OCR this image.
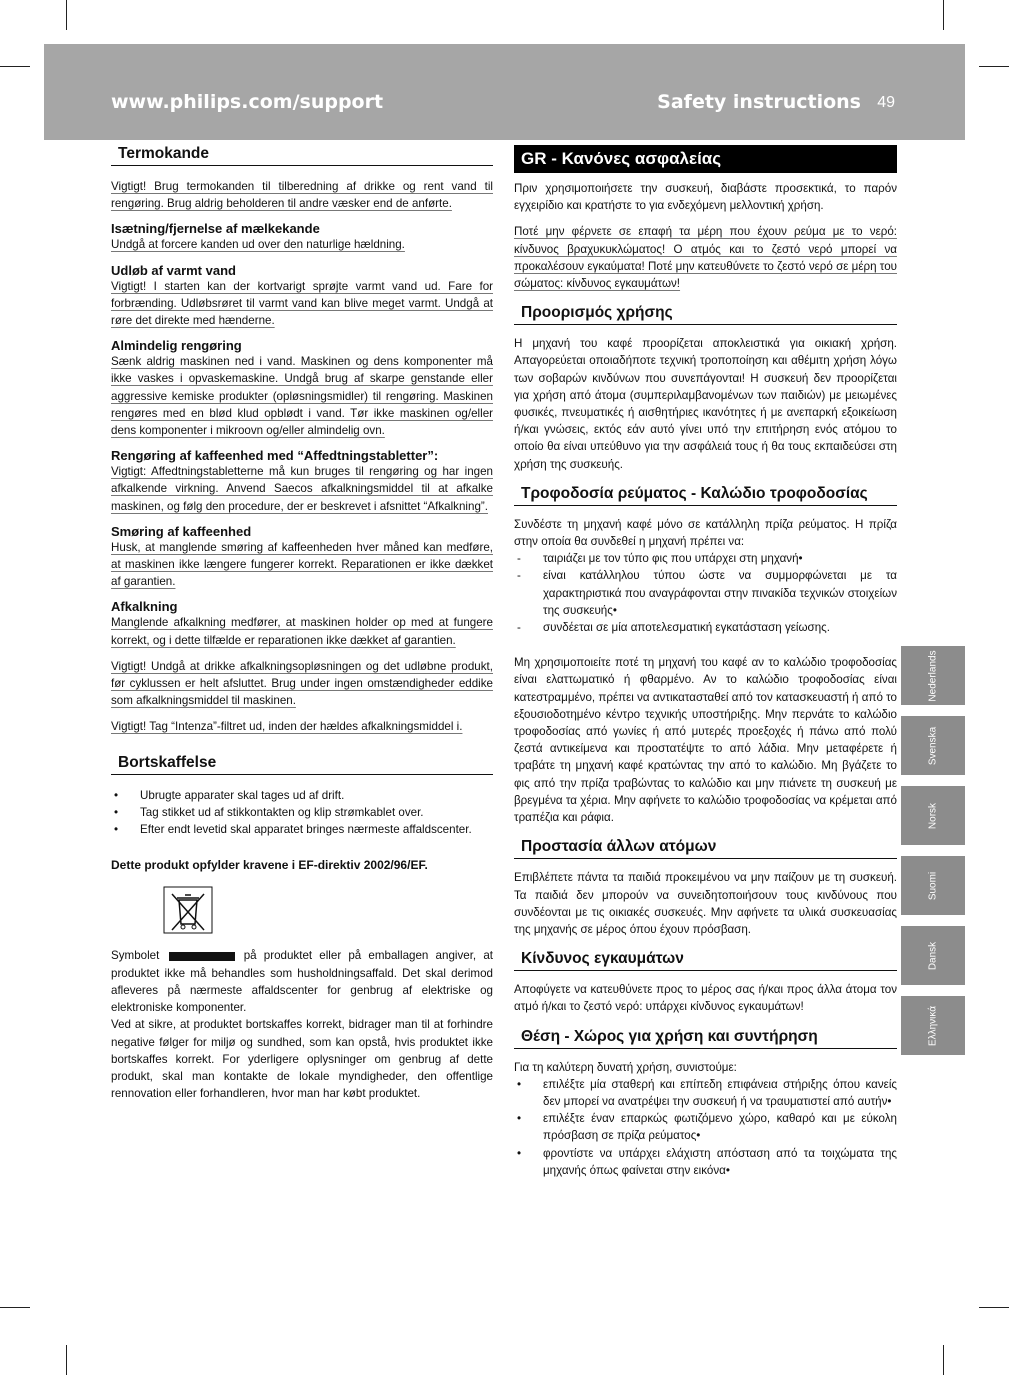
www.philips.com/support	Safety instructions 49
Termokande

Vigtigt! Brug termokanden til tilberedning af drikke og rent vand til rengøring. Brug aldrig beholderen til andre væsker end de anførte.

Isætning/fjernelse af mælkekande

Undgå at forcere kanden ud over den naturlige hældning.

Udløb af varmt vand

Vigtigt! I starten kan der kortvarigt sprøjte varmt vand ud. Fare for forbrænding. Udløbsrøret til varmt vand kan blive meget varmt. Undgå at røre det direkte med hænderne.

Almindelig rengøring

Sænk aldrig maskinen ned i vand. Maskinen og dens komponenter må ikke vaskes i opvaskemaskine. Undgå brug af skarpe genstande eller aggressive kemiske produkter (opløsningsmidler) til rengøring. Maskinen rengøres med en blød klud opblødt i vand. Tør ikke maskinen og/eller dens komponenter i mikroovn og/eller almindelig ovn.

Rengøring af kaffeenhed med “Affedtningstabletter”:

Vigtigt: Affedtningstabletterne må kun bruges til rengøring og har ingen afkalkende virkning. Anvend Saecos afkalkningsmiddel til at afkalke maskinen, og følg den procedure, der er beskrevet i afsnittet “Afkalkning”.

Smøring af kaffeenhed

Husk, at manglende smøring af kaffeenheden hver måned kan medføre, at maskinen ikke længere fungerer korrekt. Reparationen er ikke dækket af garantien.

Afkalkning

Manglende afkalkning medfører, at maskinen holder op med at fungere korrekt, og i dette tilfælde er reparationen ikke dækket af garantien.

Vigtigt! Undgå at drikke afkalkningsopløsningen og det udløbne produkt, før cyklussen er helt afsluttet. Brug under ingen omstændigheder eddike som afkalkningsmiddel til maskinen.

Vigtigt! Tag “Intenza”-filtret ud, inden der hældes afkalkningsmiddel i.

Bortskaffelse
• Ubrugte apparater skal tages ud af drift.
• Tag stikket ud af stikkontakten og klip strømkablet over.
• Efter endt levetid skal apparatet bringes nærmeste affaldscenter.

Dette produkt opfylder kravene i EF-direktiv 2002/96/EF.

Symbolet	på produktet eller på emballagen angiver, at produktet ikke må behandles som husholdningsaffald. Det skal derimod afleveres på nærmeste affaldscenter for genbrug af elektriske og elektroniske komponenter.

Ved at sikre, at produktet bortskaffes korrekt, bidrager man til at forhindre negative følger for miljø og sundhed, som kan opstå, hvis produktet ikke bortskaffes korrekt. For yderligere oplysninger om genbrug af dette produkt, skal man kontakte de lokale myndigheder, den offentlige rennovation eller forhandleren, hvor man har købt produktet.

GR - Κανόνες ασφαλείας

Πριν χρησιμοποιήσετε την συσκευή, διαβάστε προσεκτικά, το παρόν εγχειρίδιο και κρατήστε το για ενδεχόμενη μελλοντική χρήση.

Ποτέ μην φέρνετε σε επαφή τα μέρη που έχουν ρεύμα με το νερό: κίνδυνος βραχυκυκλώματος! Ο ατμός και το ζεστό νερό μπορεί να προκαλέσουν εγκαύματα! Ποτέ μην κατευθύνετε το ζεστό νερό σε μέρη του σώματος: κίνδυνος εγκαυμάτων!

Προορισμός χρήσης

Η μηχανή του καφέ προορίζεται αποκλειστικά για οικιακή χρήση. Απαγορεύεται οποιαδήποτε τεχνική τροποποίηση και αθέμιτη χρήση λόγω των σοβαρών κινδύνων που συνεπάγονται! Η συσκευή δεν προορίζεται για χρήση από άτομα (συμπεριλαμβανομένων των παιδιών) με μειωμένες φυσικές, πνευματικές ή αισθητήριες ικανότητες ή με ανεπαρκή εξοικείωση ή/και γνώσεις, εκτός εάν αυτό γίνει υπό την επιτήρηση ενός ατόμου το οποίο θα είναι υπεύθυνο για την ασφάλειά τους ή θα τους εκπαιδεύσει στη χρήση της συσκευής.

Τροφοδοσία ρεύματος - Καλώδιο τροφοδοσίας

Συνδέστε τη μηχανή καφέ μόνο σε κατάλληλη πρίζα ρεύματος. Η πρίζα στην οποία θα συνδεθεί η μηχανή πρέπει να:

- ταιριάζει με τον τύπο φις που υπάρχει στη μηχανή•
- είναι κατάλληλου τύπου ώστε να συμμορφώνεται με τα χαρακτηριστικά που αναγράφονται στην πινακίδα τεχνικών στοιχείων της συσκευής•
- συνδέεται σε μία αποτελεσματική εγκατάσταση γείωσης.

Μη χρησιμοποιείτε ποτέ τη μηχανή του καφέ αν το καλώδιο τροφοδοσίας είναι ελαττωματικό ή φθαρμένο. Αν το καλώδιο τροφοδοσίας είναι κατεστραμμένο, πρέπει να αντικατασταθεί από τον κατασκευαστή ή από το εξουσιοδοτημένο κέντρο τεχνικής υποστήριξης. Μην περνάτε το καλώδιο τροφοδοσίας από γωνίες ή από μυτερές προεξοχές ή πάνω από πολύ ζεστά αντικείμενα και προστατέψτε το από λάδια. Μην μεταφέρετε ή τραβάτε τη μηχανή καφέ κρατώντας την από το καλώδιο. Μη βγάζετε το φις από την πρίζα τραβώντας το καλώδιο και μην πιάνετε τη συσκευή με βρεγμένα τα χέρια. Μην αφήνετε το καλώδιο τροφοδοσίας να κρέμεται από τραπέζια και ράφια.

Προστασία άλλων ατόμων

Επιβλέπετε πάντα τα παιδιά προκειμένου να μην παίζουν με τη συσκευή. Τα παιδιά δεν μπορούν να συνειδητοποιήσουν τους κινδύνους που συνδέονται με τις οικιακές συσκευές. Μην αφήνετε τα υλικά συσκευασίας της μηχανής σε μέρος όπου έχουν πρόσβαση.

Κίνδυνος εγκαυμάτων

Αποφύγετε να κατευθύνετε προς το μέρος σας ή/και προς άλλα άτομα τον ατμό ή/και το ζεστό νερό: υπάρχει κίνδυνος εγκαυμάτων!

Θέση - Χώρος για χρήση και συντήρηση

Για τη καλύτερη δυνατή χρήση, συνιστούμε:

• επιλέξτε μία σταθερή και επίπεδη επιφάνεια στήριξης όπου κανείς δεν μπορεί να ανατρέψει την συσκευή ή να τραυματιστεί από αυτήν•
• επιλέξτε έναν επαρκώς φωτιζόμενο χώρο, καθαρό και με εύκολη πρόσβαση σε πρίζα ρεύματος•
• φροντίστε να υπάρχει ελάχιστη απόσταση από τα τοιχώματα της μηχανής όπως φαίνεται στην εικόνα•
Nederlands
Svenska
Norsk
Suomi
Dansk
Ελληνικά
